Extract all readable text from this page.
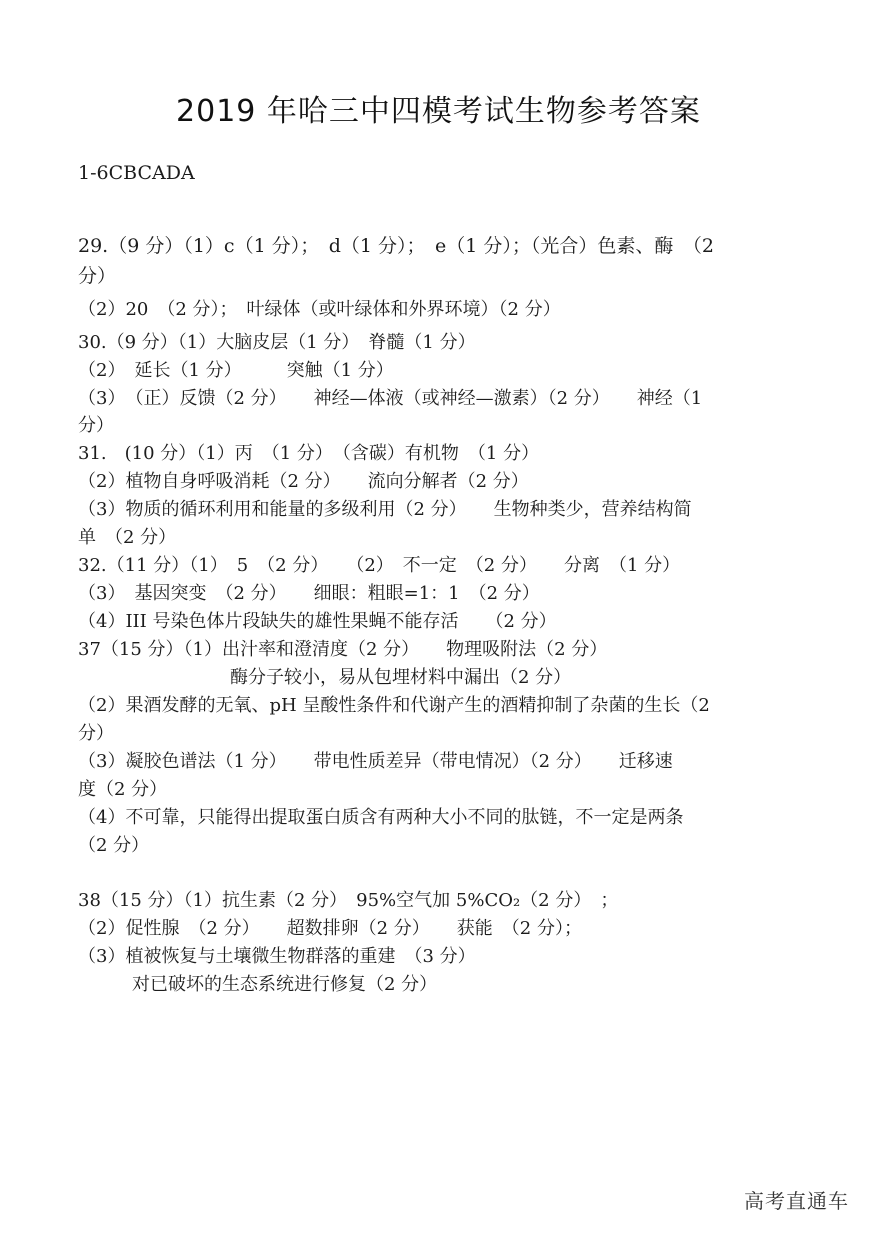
2019 年哈三中四模考试生物参考答案
1-6CBCADA
29.（9 分）（1）c（1 分）；　d（1 分）；　e（1 分）；（光合）色素、酶　（2
分）
（2）20　（2 分）；　叶绿体（或叶绿体和外界环境）（2 分）
30.（9 分）（1）大脑皮层（1 分）　脊髓（1 分）
（2）　延长（1 分）　　　突触（1 分）
（3）　（正）反馈（2 分）　　神经—体液（或神经—激素）（2 分）　　神经（1
分）
31.　(10 分）（1）丙　（1 分）　（含碳）有机物　（1 分）
（2）植物自身呼吸消耗（2 分）　　流向分解者（2 分）
（3）物质的循环利用和能量的多级利用（2 分）　　生物种类少，营养结构简
单　（2 分）
32.（11 分）（1）　5　（2 分）　　（2）　不一定　（2 分）　　分离　（1 分）
（3）　基因突变　（2 分）　　细眼：粗眼=1：1　（2 分）
（4）III 号染色体片段缺失的雄性果蝇不能存活　　（2 分）
37（15 分）（1）出汁率和澄清度（2 分）　　物理吸附法（2 分）
酶分子较小，易从包埋材料中漏出（2 分）
（2）果酒发酵的无氧、pH 呈酸性条件和代谢产生的酒精抑制了杂菌的生长（2
分）
（3）凝胶色谱法（1 分）　　带电性质差异（带电情况）（2 分）　　迁移速
度（2 分）
（4）不可靠，只能得出提取蛋白质含有两种大小不同的肽链，不一定是两条
（2 分）
38（15 分）（1）抗生素（2 分）　95%空气加 5%CO₂（2 分）　；
（2）促性腺　（2 分）　　超数排卵（2 分）　　获能　（2 分）；
（3）植被恢复与土壤微生物群落的重建　（3 分）
对已破坏的生态系统进行修复（2 分）
高考直通车
